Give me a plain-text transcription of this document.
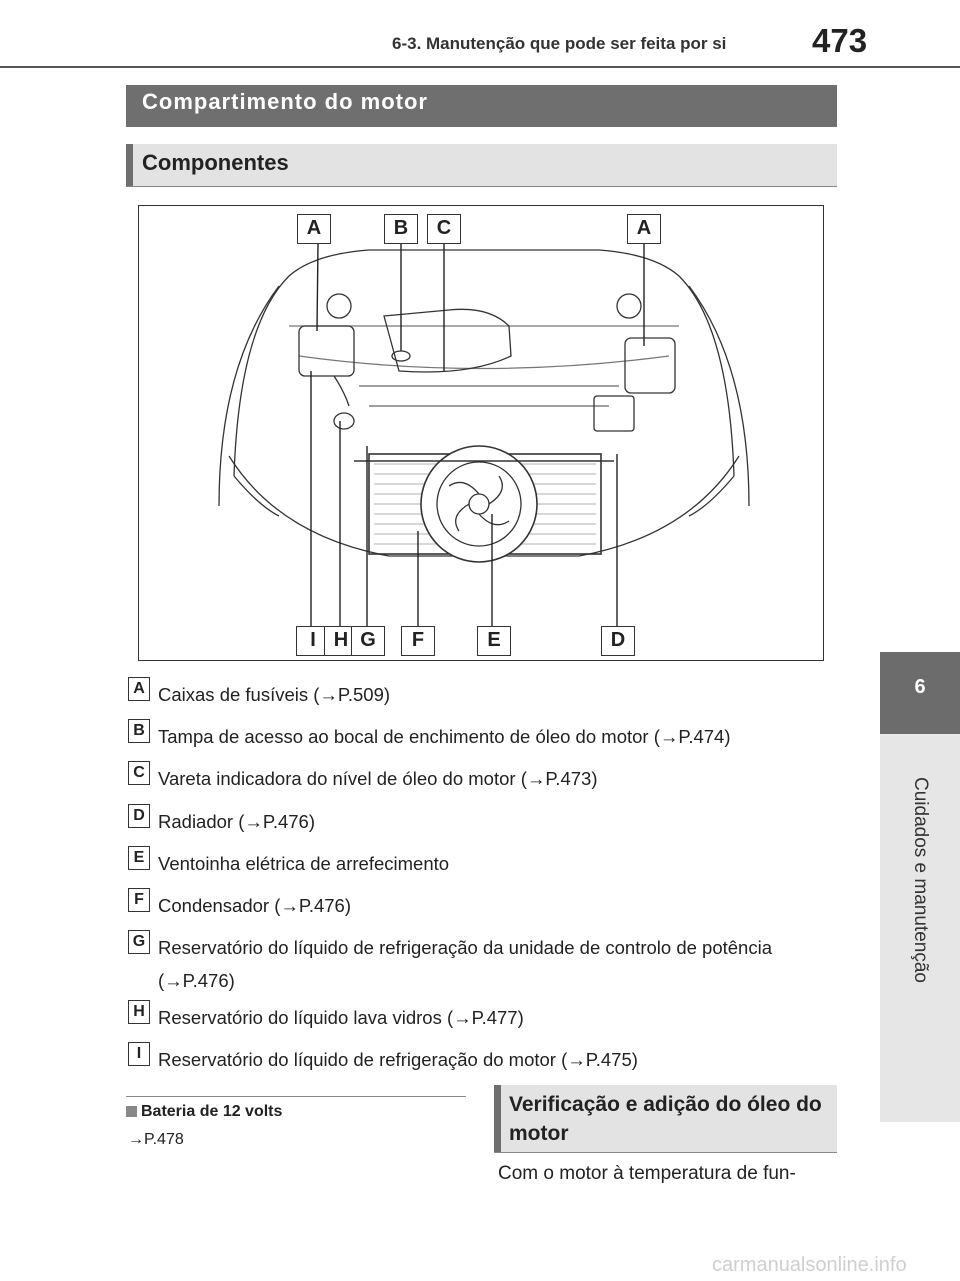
6-3. Manutenção que pode ser feita por si	473
6
Cuidados e manutenção
Compartimento do motor
Componentes
A	B	C	A
I H G	F	E	D
A Caixas de fusíveis (→P.509)
B Tampa de acesso ao bocal de enchimento de óleo do motor (→P.474)
C Vareta indicadora do nível de óleo do motor (→P.473)
D Radiador (→P.476)
E Ventoinha elétrica de arrefecimento
F Condensador (→P.476)
G Reservatório do líquido de refrigeração da unidade de controlo de potência (→P.476)
H Reservatório do líquido lava vidros (→P.477)
I Reservatório do líquido de refrigeração do motor (→P.475)
Bateria de 12 volts
→P.478
Verificação e adição do óleo do motor
Com o motor à temperatura de fun-
carmanualsonline.info
